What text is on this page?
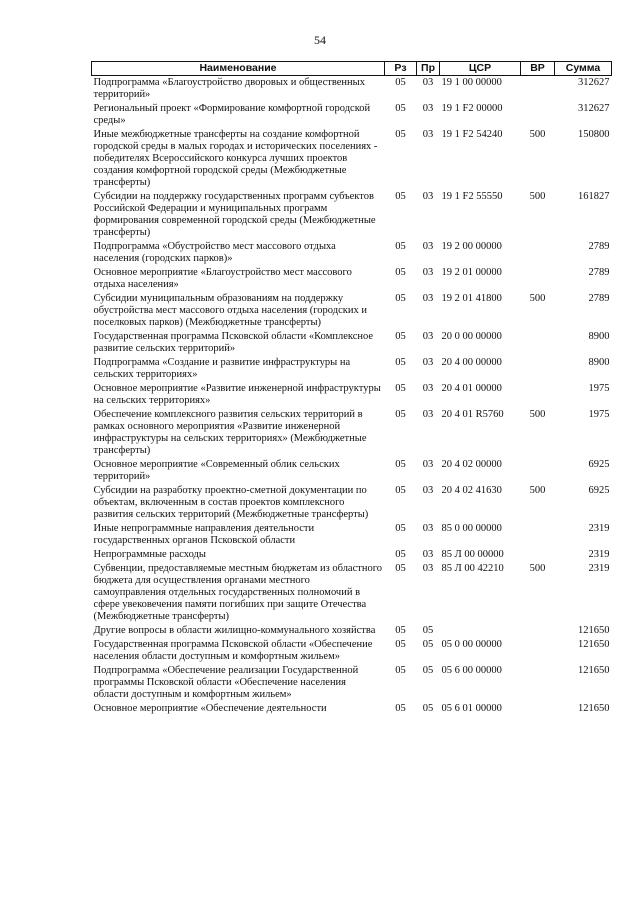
54
Наименование	Рз	Пр	ЦСР	ВР	Сумма
Подпрограмма «Благоустройство дворовых и общественных территорий»	05	03	19 1 00 00000		312627
Региональный проект «Формирование комфортной городской среды»	05	03	19 1 F2 00000		312627
Иные межбюджетные трансферты на создание комфортной городской среды в малых городах и исторических поселениях - победителях Всероссийского конкурса лучших проектов создания комфортной городской среды (Межбюджетные трансферты)	05	03	19 1 F2 54240	500	150800
Субсидии на поддержку государственных программ субъектов Российской Федерации и муниципальных программ формирования современной городской среды (Межбюджетные трансферты)	05	03	19 1 F2 55550	500	161827
Подпрограмма «Обустройство мест массового отдыха населения (городских парков)»	05	03	19 2 00 00000		2789
Основное мероприятие «Благоустройство мест массового отдыха населения»	05	03	19 2 01 00000		2789
Субсидии муниципальным образованиям на поддержку обустройства мест массового отдыха населения (городских и поселковых парков) (Межбюджетные трансферты)	05	03	19 2 01 41800	500	2789
Государственная программа Псковской области «Комплексное развитие сельских территорий»	05	03	20 0 00 00000		8900
Подпрограмма «Создание и развитие инфраструктуры на сельских территориях»	05	03	20 4 00 00000		8900
Основное мероприятие «Развитие инженерной инфраструктуры на сельских территориях»	05	03	20 4 01 00000		1975
Обеспечение комплексного развития сельских территорий в рамках основного мероприятия «Развитие инженерной инфраструктуры на сельских территориях» (Межбюджетные трансферты)	05	03	20 4 01 R5760	500	1975
Основное мероприятие «Современный облик сельских территорий»	05	03	20 4 02 00000		6925
Субсидии на разработку проектно-сметной документации по объектам, включенным в состав проектов комплексного развития сельских территорий (Межбюджетные трансферты)	05	03	20 4 02 41630	500	6925
Иные непрограммные направления деятельности государственных органов Псковской области	05	03	85 0 00 00000		2319
Непрограммные расходы	05	03	85 Л 00 00000		2319
Субвенции, предоставляемые местным бюджетам из областного бюджета для осуществления органами местного самоуправления отдельных государственных полномочий в сфере увековечения памяти погибших при защите Отечества (Межбюджетные трансферты)	05	03	85 Л 00 42210	500	2319
Другие вопросы в области жилищно-коммунального хозяйства	05	05			121650
Государственная программа Псковской области «Обеспечение населения области доступным и комфортным жильем»	05	05	05 0 00 00000		121650
Подпрограмма «Обеспечение реализации Государственной программы Псковской области «Обеспечение населения области доступным и комфортным жильем»	05	05	05 6 00 00000		121650
Основное мероприятие «Обеспечение деятельности	05	05	05 6 01 00000		121650
